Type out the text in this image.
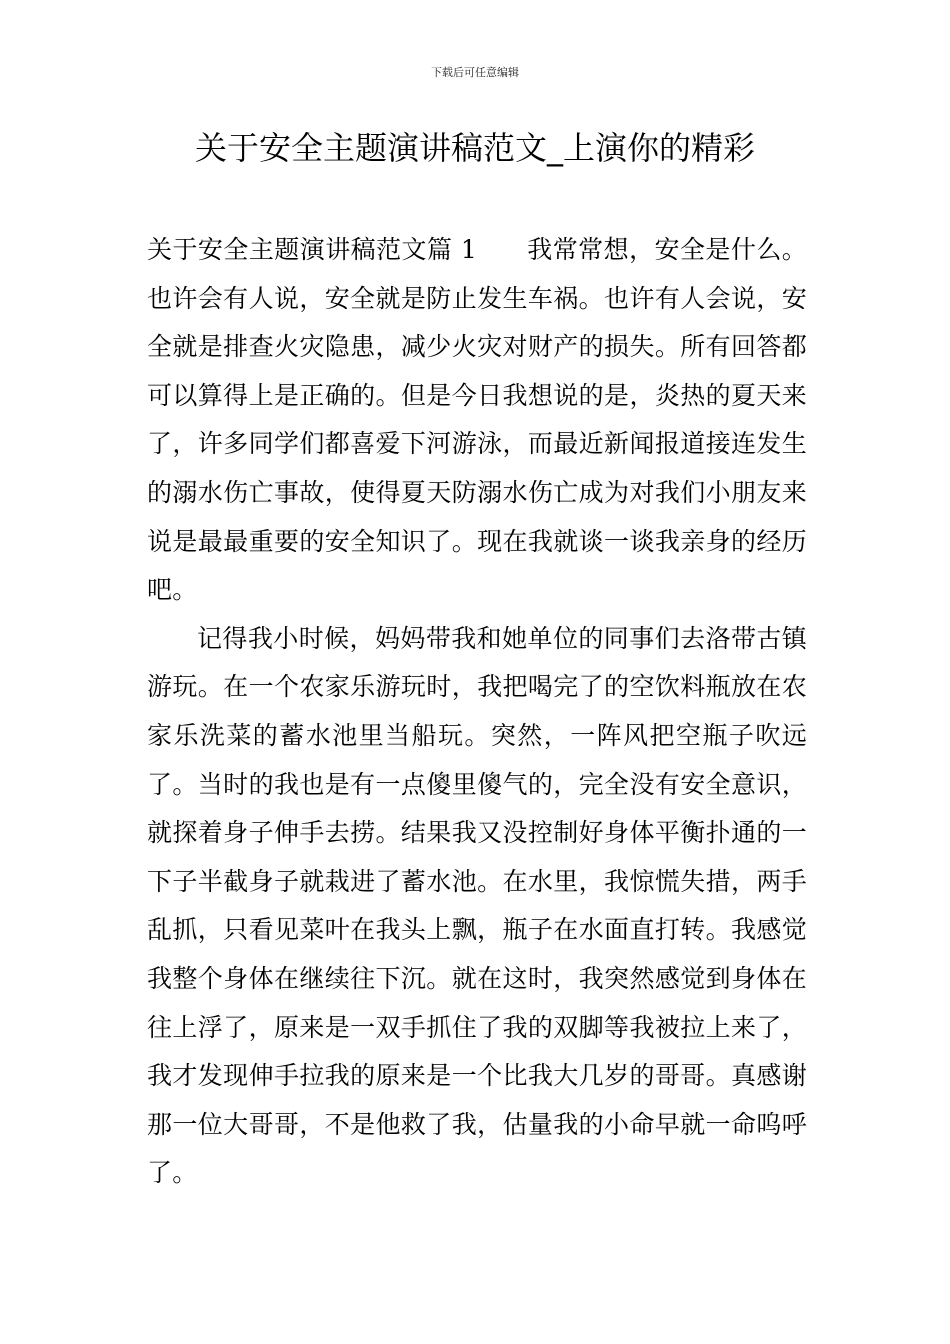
下载后可任意编辑
关于安全主题演讲稿范文_上演你的精彩

关于安全主题演讲稿范文篇 1 我常常想，安全是什么。也许会有人说，安全就是防止发生车祸。也许有人会说，安全就是排查火灾隐患，减少火灾对财产的损失。所有回答都可以算得上是正确的。但是今日我想说的是，炎热的夏天来了，许多同学们都喜爱下河游泳，而最近新闻报道接连发生的溺水伤亡事故，使得夏天防溺水伤亡成为对我们小朋友来说是最最重要的安全知识了。现在我就谈一谈我亲身的经历吧。

记得我小时候，妈妈带我和她单位的同事们去洛带古镇游玩。在一个农家乐游玩时，我把喝完了的空饮料瓶放在农家乐洗菜的蓄水池里当船玩。突然，一阵风把空瓶子吹远了。当时的我也是有一点傻里傻气的，完全没有安全意识，就探着身子伸手去捞。结果我又没控制好身体平衡扑通的一下子半截身子就栽进了蓄水池。在水里，我惊慌失措，两手乱抓，只看见菜叶在我头上飘，瓶子在水面直打转。我感觉我整个身体在继续往下沉。就在这时，我突然感觉到身体在往上浮了，原来是一双手抓住了我的双脚等我被拉上来了，我才发现伸手拉我的原来是一个比我大几岁的哥哥。真感谢那一位大哥哥，不是他救了我，估量我的小命早就一命呜呼了。
